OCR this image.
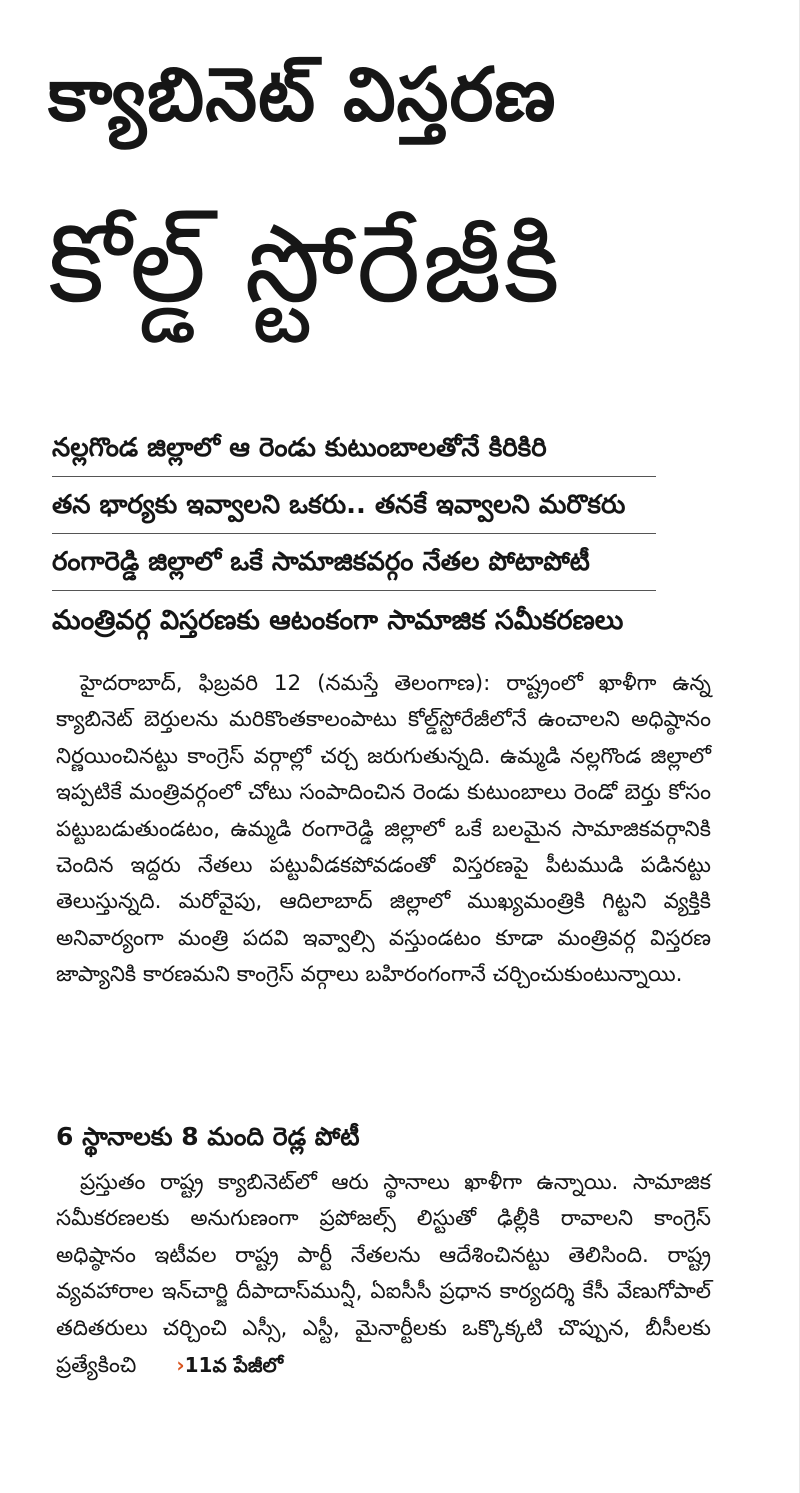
క్యాబినెట్ విస్తరణ
కోల్డ్ స్టోరేజీకి
నల్లగొండ జిల్లాలో ఆ రెండు కుటుంబాలతోనే కిరికిరి
తన భార్యకు ఇవ్వాలని ఒకరు.. తనకే ఇవ్వాలని మరొకరు
రంగారెడ్డి జిల్లాలో ఒకే సామాజికవర్గం నేతల పోటాపోటీ
మంత్రివర్గ విస్తరణకు ఆటంకంగా సామాజిక సమీకరణలు

హైదరాబాద్, ఫిబ్రవరి 12 (నమస్తే తెలంగాణ): రాష్ట్రంలో ఖాళీగా ఉన్న క్యాబినెట్ బెర్తులను మరికొంతకాలంపాటు కోల్డ్‌స్టోరేజీలోనే ఉంచాలని అధిష్ఠానం నిర్ణయించినట్టు కాంగ్రెస్ వర్గాల్లో చర్చ జరుగుతున్నది. ఉమ్మడి నల్లగొండ జిల్లాలో ఇప్పటికే మంత్రివర్గంలో చోటు సంపాదించిన రెండు కుటుంబాలు రెండో బెర్తు కోసం పట్టుబడుతుండటం, ఉమ్మడి రంగారెడ్డి జిల్లాలో ఒకే బలమైన సామాజికవర్గానికి చెందిన ఇద్దరు నేతలు పట్టువీడకపోవడంతో విస్తరణపై పీటముడి పడినట్టు తెలుస్తున్నది. మరోవైపు, ఆదిలాబాద్ జిల్లాలో ముఖ్యమంత్రికి గిట్టని వ్యక్తికి అనివార్యంగా మంత్రి పదవి ఇవ్వాల్సి వస్తుండటం కూడా మంత్రివర్గ విస్తరణ జాప్యానికి కారణమని కాంగ్రెస్ వర్గాలు బహిరంగంగానే చర్చించుకుంటున్నాయి.

6 స్థానాలకు 8 మంది రెడ్ల పోటీ

ప్రస్తుతం రాష్ట్ర క్యాబినెట్‌లో ఆరు స్థానాలు ఖాళీగా ఉన్నాయి. సామాజిక సమీకరణలకు అనుగుణంగా ప్రపోజల్స్ లిస్టుతో ఢిల్లీకి రావాలని కాంగ్రెస్ అధిష్ఠానం ఇటీవల రాష్ట్ర పార్టీ నేతలను ఆదేశించినట్టు తెలిసింది. రాష్ట్ర వ్యవహారాల ఇన్‌చార్జి దీపాదాస్‌మున్షీ, ఏఐసీసీ ప్రధాన కార్యదర్శి కేసీ వేణుగోపాల్ తదితరులు చర్చించి ఎస్సీ, ఎస్టీ, మైనార్టీలకు ఒక్కొక్కటి చొప్పున, బీసీలకు ప్రత్యేకించి ›11వ పేజీలో
